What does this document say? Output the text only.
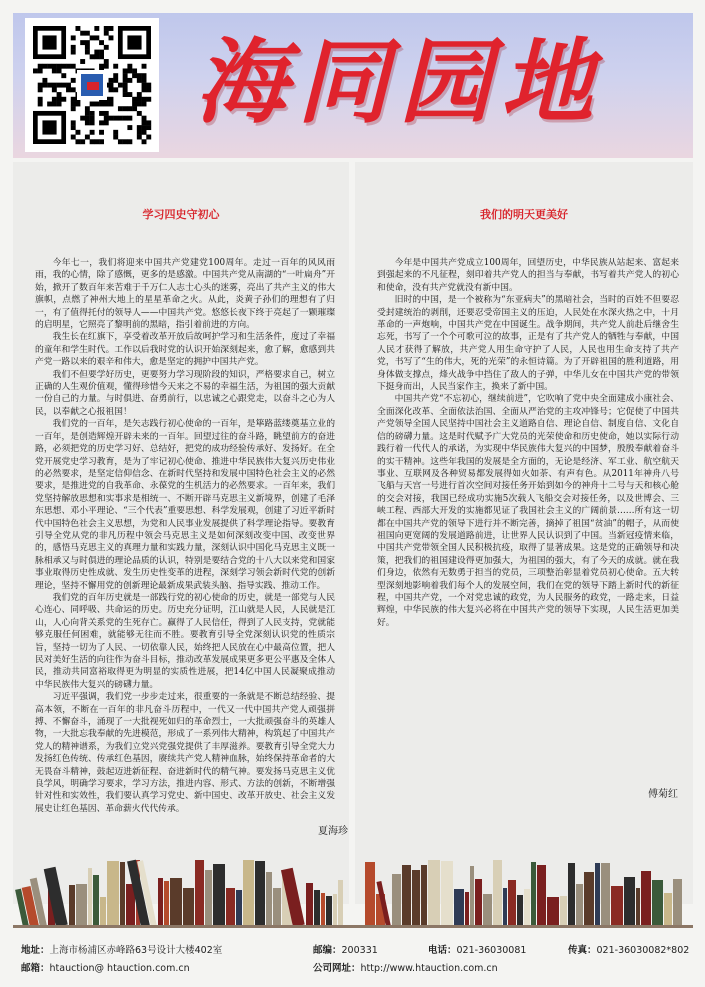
海同园地
学习四史守初心

今年七一，我们将迎来中国共产党建党100周年。走过一百年的风风雨雨，我的心情，除了感慨，更多的是感激。中国共产党从南湖的“一叶扁舟”开始，掀开了数百年来苦难于千万仁人志士心头的迷雾，亮出了共产主义的伟大旗帜，点燃了神州大地上的星星革命之火。从此，炎黄子孙们的理想有了归一，有了值得托付的领导人——中国共产党。悠悠长夜下终于亮起了一颗璀璨的启明星，它照亮了黎明前的黑暗，指引着前进的方向。

我生长在红旗下，享受着改革开放后故呵护学习和生活条件，度过了幸福的童年和学生时代。工作以后我时党的认识开始深刻起来，愈了解，愈感到共产党一路以来的艰辛和伟大，愈是坚定的拥护中国共产党。

我们不但要学好历史，更要努力学习现阶段的知识，严格要求自己，树立正确的人生观价值观，懂得珍惜今天来之不易的幸福生活，为祖国的强大贡献一份自己的力量。与时俱进、奋勇前行，以忠诚之心跟党走，以奋斗之心为人民，以奉献之心报祖国！

我们党的一百年，是矢志践行初心使命的一百年，是筚路蓝缕奠基立业的一百年，是创造辉煌开辟未来的一百年。回望过往的奋斗路，眺望前方的奋进路，必须把党的历史学习好、总结好，把党的成功经验传承好、发扬好。在全党开展党史学习教育，是为了牢记初心使命、推进中华民族伟大复兴历史伟业的必然要求，是坚定信仰信念、在新时代坚持和发展中国特色社会主义的必然要求，是推进党的自我革命、永葆党的生机活力的必然要求。一百年来，我们党坚持解放思想和实事求是相统一、不断开辟马克思主义新境界，创建了毛泽东思想、邓小平理论、“三个代表”重要思想、科学发展观，创建了习近平新时代中国特色社会主义思想，为党和人民事业发展提供了科学理论指导。要教育引导全党从党的非凡历程中领会马克思主义是如何深刻改变中国、改变世界的，感悟马克思主义的真理力量和实践力量，深刻认识中国化马克思主义既一脉相承又与时俱进的理论品质的认识，特别是要结合党的十八大以来党和国家事业取得历史性成就、发生历史性变革的进程，深刻学习领会新时代党的创新理论，坚持不懈用党的创新理论最新成果武装头脑、指导实践、推动工作。

我们党的百年历史就是一部践行党的初心使命的历史，就是一部党与人民心连心、同呼吸、共命运的历史。历史充分证明，江山就是人民，人民就是江山，人心向背关系党的生死存亡。赢得了人民信任，得到了人民支持，党就能够克服任何困难，就能够无往而不胜。要教育引导全党深刻认识党的性质宗旨，坚持一切为了人民、一切依靠人民，始终把人民放在心中最高位置，把人民对美好生活的向往作为奋斗目标，推动改革发展成果更多更公平惠及全体人民，推动共同富裕取得更为明显的实质性进展，把14亿中国人民凝聚成推动中华民族伟大复兴的磅礴力量。

习近平强调，我们党一步步走过来，很重要的一条就是不断总结经验、提高本领，不断在一百年的非凡奋斗历程中，一代又一代中国共产党人顽强拼搏、不懈奋斗，涌现了一大批视死如归的革命烈士，一大批顽强奋斗的英雄人物，一大批忘我奉献的先进模范，形成了一系列伟大精神，构筑起了中国共产党人的精神谱系，为我们立党兴党强党提供了丰厚滋养。要教育引导全党大力发扬红色传统、传承红色基因，赓续共产党人精神血脉，始终保持革命者的大无畏奋斗精神，鼓起迈进新征程、奋进新时代的精气神。要发扬马克思主义优良学风，明确学习要求，学习方法，推进内容、形式、方法的创新，不断增强针对性和实效性，我们要认真学习党史、新中国史、改革开放史、社会主义发展史让红色基因、革命薪火代代传承。

夏海珍
我们的明天更美好

今年是中国共产党成立100周年，回望历史，中华民族从站起来、富起来到强起来的不凡征程，刻印着共产党人的担当与奉献，书写着共产党人的初心和使命，没有共产党就没有新中国。

旧时的中国，是一个被称为“东亚病夫”的黑暗社会，当时的百姓不但要忍受封建统治的剥削，还要忍受帝国主义的压迫，人民处在水深火热之中，十月革命的一声炮响，中国共产党在中国诞生。战争期间，共产党人前赴后继舍生忘死，书写了一个个可歌可泣的故事，正是有了共产党人的牺牲与奉献，中国人民才获得了解放，共产党人用生命守护了人民，人民也用生命支持了共产党，书写了“生的伟大，死的光荣”的永恒诗篇。为了开辟祖国的胜利道路，用身体做支撑点，烽火战争中挡住了敌人的子弹，中华儿女在中国共产党的带领下挺身而出，人民当家作主，换来了新中国。

中国共产党“不忘初心，继续前进”，它吹响了党中央全面建成小康社会、全面深化改革、全面依法治国、全面从严治党的主攻冲锋号；它促使了中国共产党领导全国人民坚持中国社会主义道路自信、理论自信、制度自信、文化自信的磅礴力量。这是时代赋予广大党员的光荣使命和历史使命，她以实际行动践行着一代代人的承诺，为实现中华民族伟大复兴的中国梦，殷殷奉献着奋斗的实干精神。这些年我国的发展是全方面的，无论是经济、军工业、航空航天事业、互联网及各种贸易都发展得如火如荼、有声有色。从2011年神舟八号飞船与天宫一号进行首次空间对接任务开始到如今的神舟十二号与天和核心舱的交会对接，我国已经成功实施5次载人飞船交会对接任务，以及世博会、三峡工程、西部大开发的实施都见证了我国社会主义的广阔前景……所有这一切都在中国共产党的领导下进行并不断完善，摘掉了祖国“贫油”的帽子，从而使祖国向更宽阔的发展道路前进，让世界人民认识到了中国。当新冠疫情来临，中国共产党带领全国人民积极抗疫，取得了显著成果。这是党的正确领导和决策，把我们的祖国建设得更加强大，为祖国的强大，有了今天的成就。就在我们身边，依然有无数勇于担当的党员，三项整治彰显着党员初心使命。五大转型深刻地影响着我们每个人的发展空间，我们在党的领导下踏上新时代的新征程，中国共产党，一个对党忠诚的政党，为人民服务的政党，一路走来，日益辉煌，中华民族的伟大复兴必将在中国共产党的领导下实现，人民生活更加美好。

傅菊红
地址：上海市杨浦区赤峰路63号设计大楼402室	邮编：200331	电话：021-36030081	传真：021-36030082*802
邮箱：htauction@ htauction.com.cn	公司网址：http://www.htauction.com.cn
